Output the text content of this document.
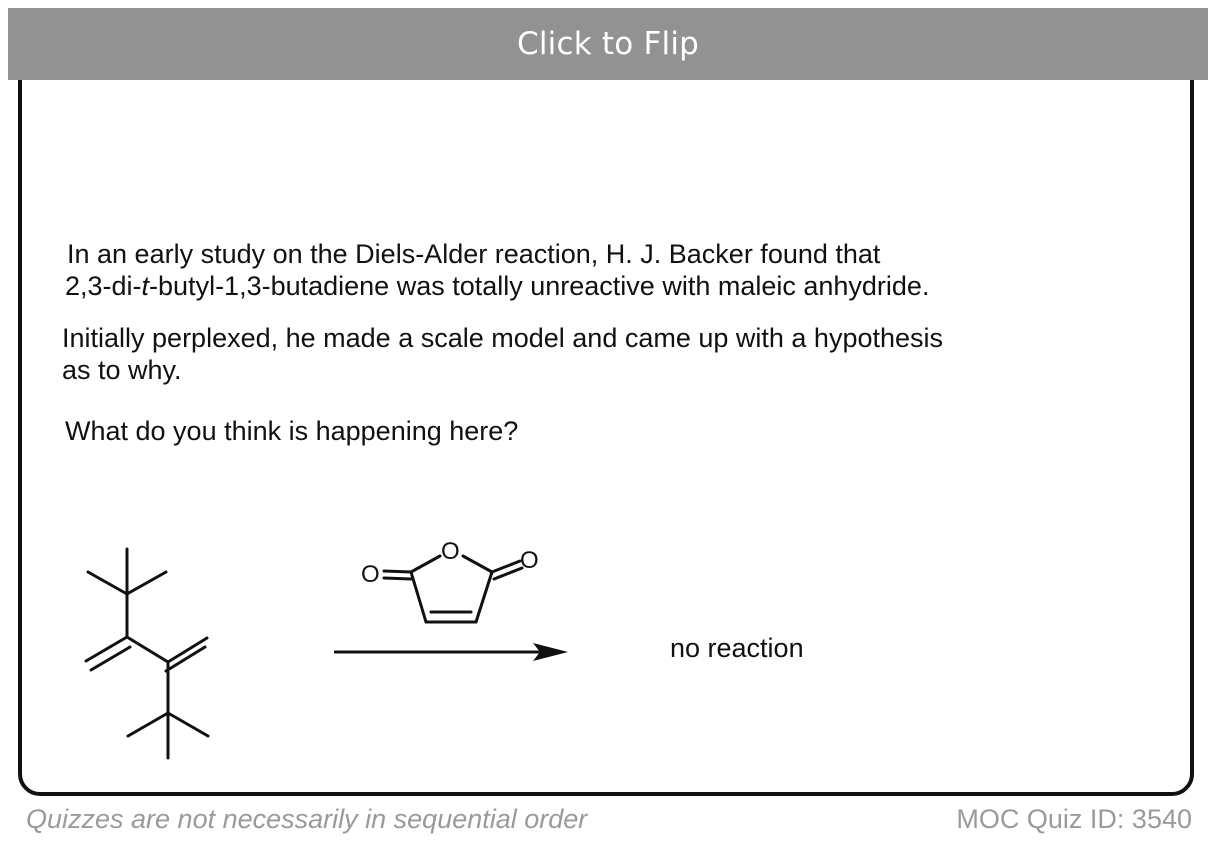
Click to Flip
In an early study on the Diels-Alder reaction, H. J. Backer found that
2,3-di-t-butyl-1,3-butadiene was totally unreactive with maleic anhydride.
Initially perplexed, he made a scale model and came up with a hypothesis
as to why.
What do you think is happening here?
O
O
O
no reaction
Quizzes are not necessarily in sequential order	MOC Quiz ID: 3540
